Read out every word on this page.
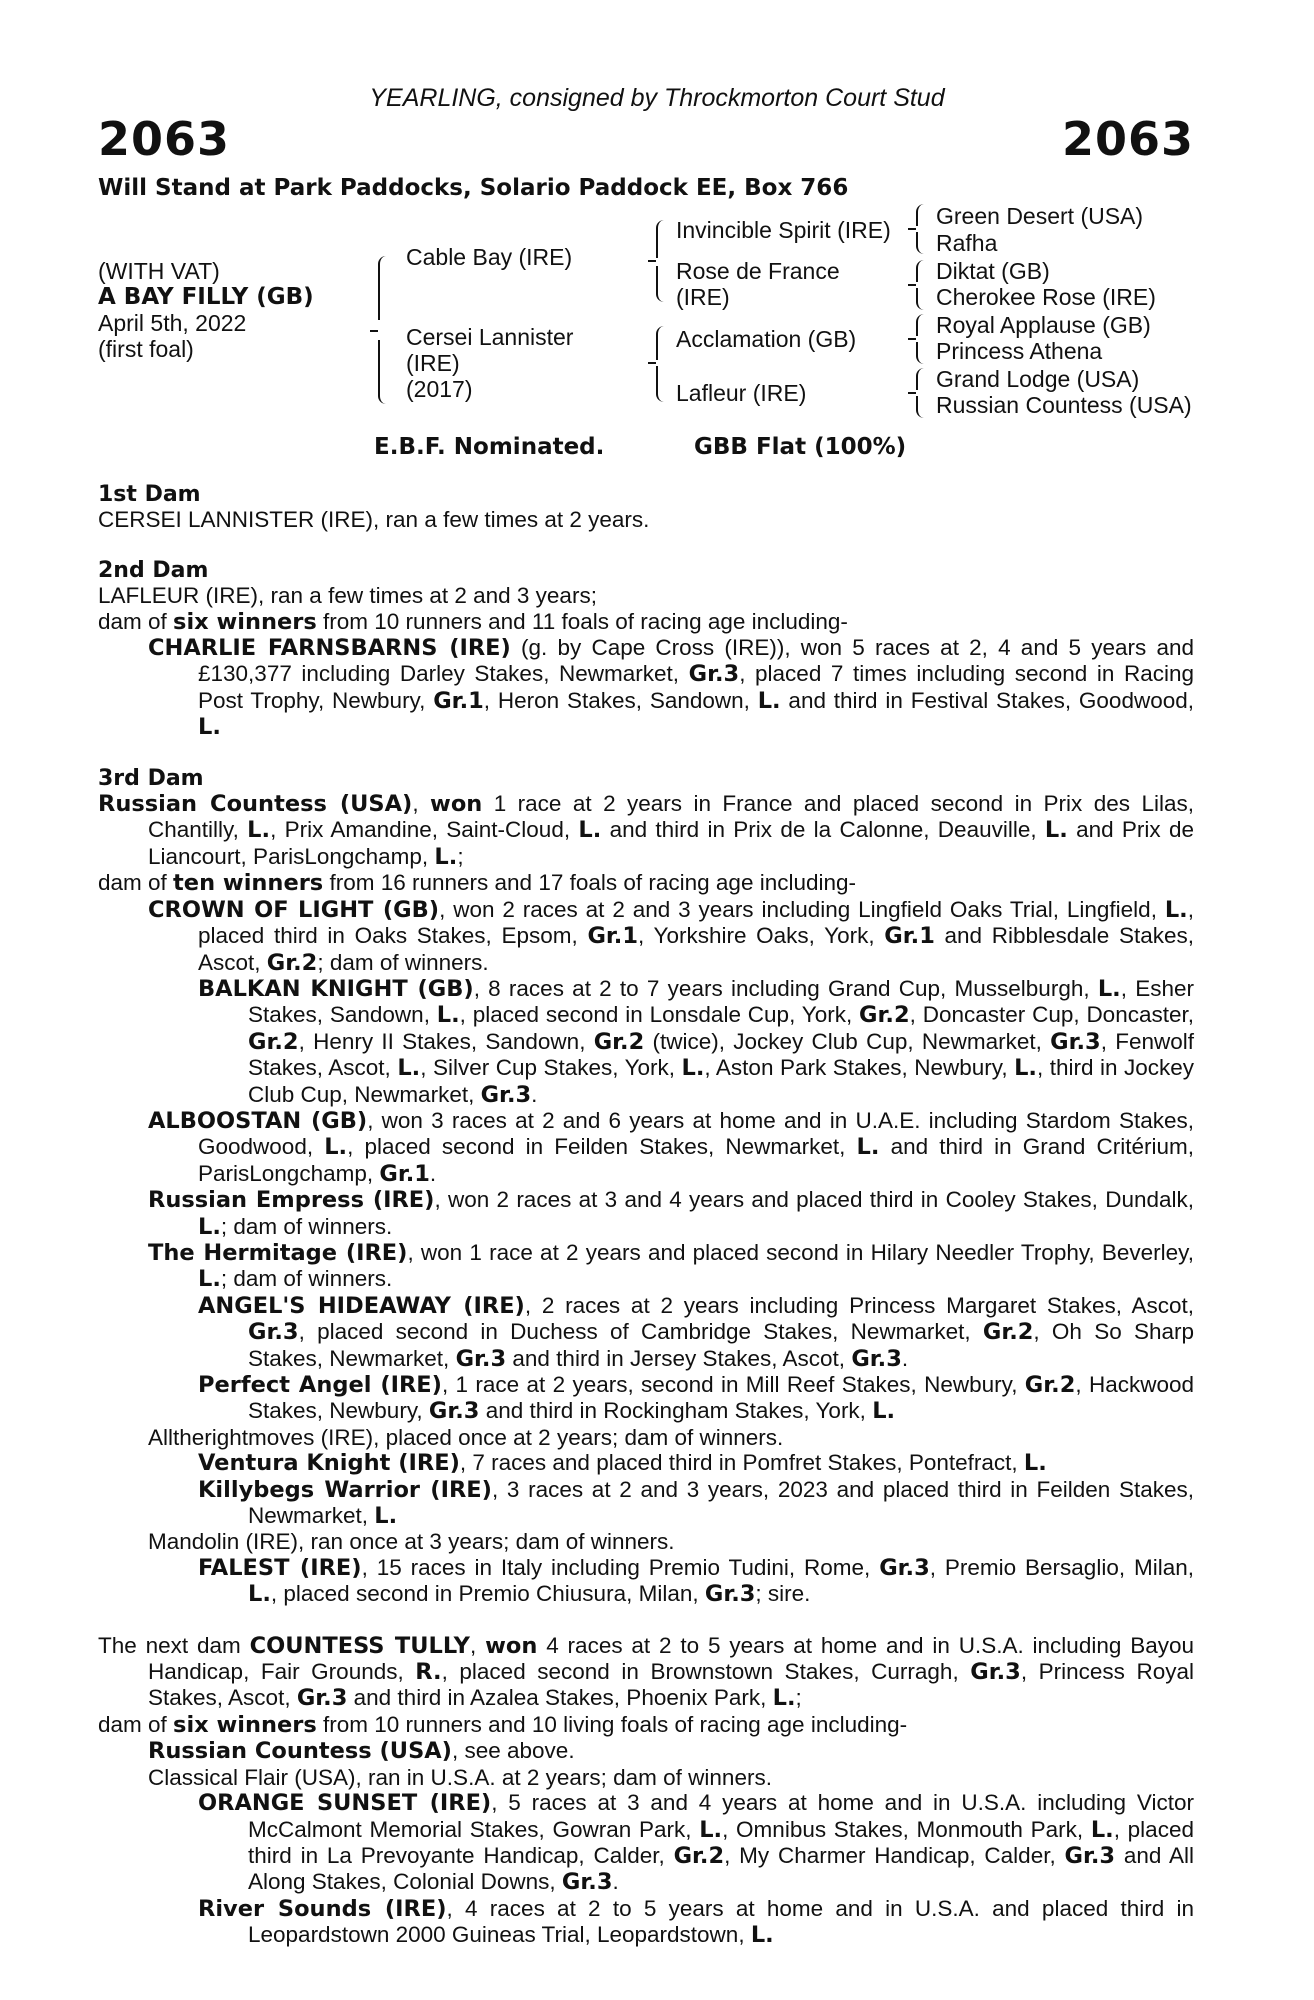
YEARLING, consigned by Throckmorton Court Stud
2063	2063
Will Stand at Park Paddocks, Solario Paddock EE, Box 766
(WITH VAT)
A BAY FILLY (GB)
April 5th, 2022
(first foal)
Cable Bay (IRE)
Cersei Lannister
(IRE)
(2017)
Invincible Spirit (IRE)
Rose de France
(IRE)
Acclamation (GB)
Lafleur (IRE)
Green Desert (USA)
Rafha
Diktat (GB)
Cherokee Rose (IRE)
Royal Applause (GB)
Princess Athena
Grand Lodge (USA)
Russian Countess (USA)
E.B.F. Nominated.	GBB Flat (100%)

1st Dam

CERSEI LANNISTER (IRE), ran a few times at 2 years.

2nd Dam

LAFLEUR (IRE), ran a few times at 2 and 3 years;

dam of six winners from 10 runners and 11 foals of racing age including-

CHARLIE FARNSBARNS (IRE) (g. by Cape Cross (IRE)), won 5 races at 2, 4 and 5 years and £130,377 including Darley Stakes, Newmarket, Gr.3, placed 7 times including second in Racing Post Trophy, Newbury, Gr.1, Heron Stakes, Sandown, L. and third in Festival Stakes, Goodwood, L.

3rd Dam

Russian Countess (USA), won 1 race at 2 years in France and placed second in Prix des Lilas, Chantilly, L., Prix Amandine, Saint-Cloud, L. and third in Prix de la Calonne, Deauville, L. and Prix de Liancourt, ParisLongchamp, L.;

dam of ten winners from 16 runners and 17 foals of racing age including-

CROWN OF LIGHT (GB), won 2 races at 2 and 3 years including Lingfield Oaks Trial, Lingfield, L., placed third in Oaks Stakes, Epsom, Gr.1, Yorkshire Oaks, York, Gr.1 and Ribblesdale Stakes, Ascot, Gr.2; dam of winners.

BALKAN KNIGHT (GB), 8 races at 2 to 7 years including Grand Cup, Musselburgh, L., Esher Stakes, Sandown, L., placed second in Lonsdale Cup, York, Gr.2, Doncaster Cup, Doncaster, Gr.2, Henry II Stakes, Sandown, Gr.2 (twice), Jockey Club Cup, Newmarket, Gr.3, Fenwolf Stakes, Ascot, L., Silver Cup Stakes, York, L., Aston Park Stakes, Newbury, L., third in Jockey Club Cup, Newmarket, Gr.3.

ALBOOSTAN (GB), won 3 races at 2 and 6 years at home and in U.A.E. including Stardom Stakes, Goodwood, L., placed second in Feilden Stakes, Newmarket, L. and third in Grand Critérium, ParisLongchamp, Gr.1.

Russian Empress (IRE), won 2 races at 3 and 4 years and placed third in Cooley Stakes, Dundalk, L.; dam of winners.

The Hermitage (IRE), won 1 race at 2 years and placed second in Hilary Needler Trophy, Beverley, L.; dam of winners.

ANGEL'S HIDEAWAY (IRE), 2 races at 2 years including Princess Margaret Stakes, Ascot, Gr.3, placed second in Duchess of Cambridge Stakes, Newmarket, Gr.2, Oh So Sharp Stakes, Newmarket, Gr.3 and third in Jersey Stakes, Ascot, Gr.3.

Perfect Angel (IRE), 1 race at 2 years, second in Mill Reef Stakes, Newbury, Gr.2, Hackwood Stakes, Newbury, Gr.3 and third in Rockingham Stakes, York, L.

Alltherightmoves (IRE), placed once at 2 years; dam of winners.

Ventura Knight (IRE), 7 races and placed third in Pomfret Stakes, Pontefract, L.

Killybegs Warrior (IRE), 3 races at 2 and 3 years, 2023 and placed third in Feilden Stakes, Newmarket, L.

Mandolin (IRE), ran once at 3 years; dam of winners.

FALEST (IRE), 15 races in Italy including Premio Tudini, Rome, Gr.3, Premio Bersaglio, Milan, L., placed second in Premio Chiusura, Milan, Gr.3; sire.

The next dam COUNTESS TULLY, won 4 races at 2 to 5 years at home and in U.S.A. including Bayou Handicap, Fair Grounds, R., placed second in Brownstown Stakes, Curragh, Gr.3, Princess Royal Stakes, Ascot, Gr.3 and third in Azalea Stakes, Phoenix Park, L.;

dam of six winners from 10 runners and 10 living foals of racing age including-

Russian Countess (USA), see above.

Classical Flair (USA), ran in U.S.A. at 2 years; dam of winners.

ORANGE SUNSET (IRE), 5 races at 3 and 4 years at home and in U.S.A. including Victor McCalmont Memorial Stakes, Gowran Park, L., Omnibus Stakes, Monmouth Park, L., placed third in La Prevoyante Handicap, Calder, Gr.2, My Charmer Handicap, Calder, Gr.3 and All Along Stakes, Colonial Downs, Gr.3.

River Sounds (IRE), 4 races at 2 to 5 years at home and in U.S.A. and placed third in Leopardstown 2000 Guineas Trial, Leopardstown, L.
